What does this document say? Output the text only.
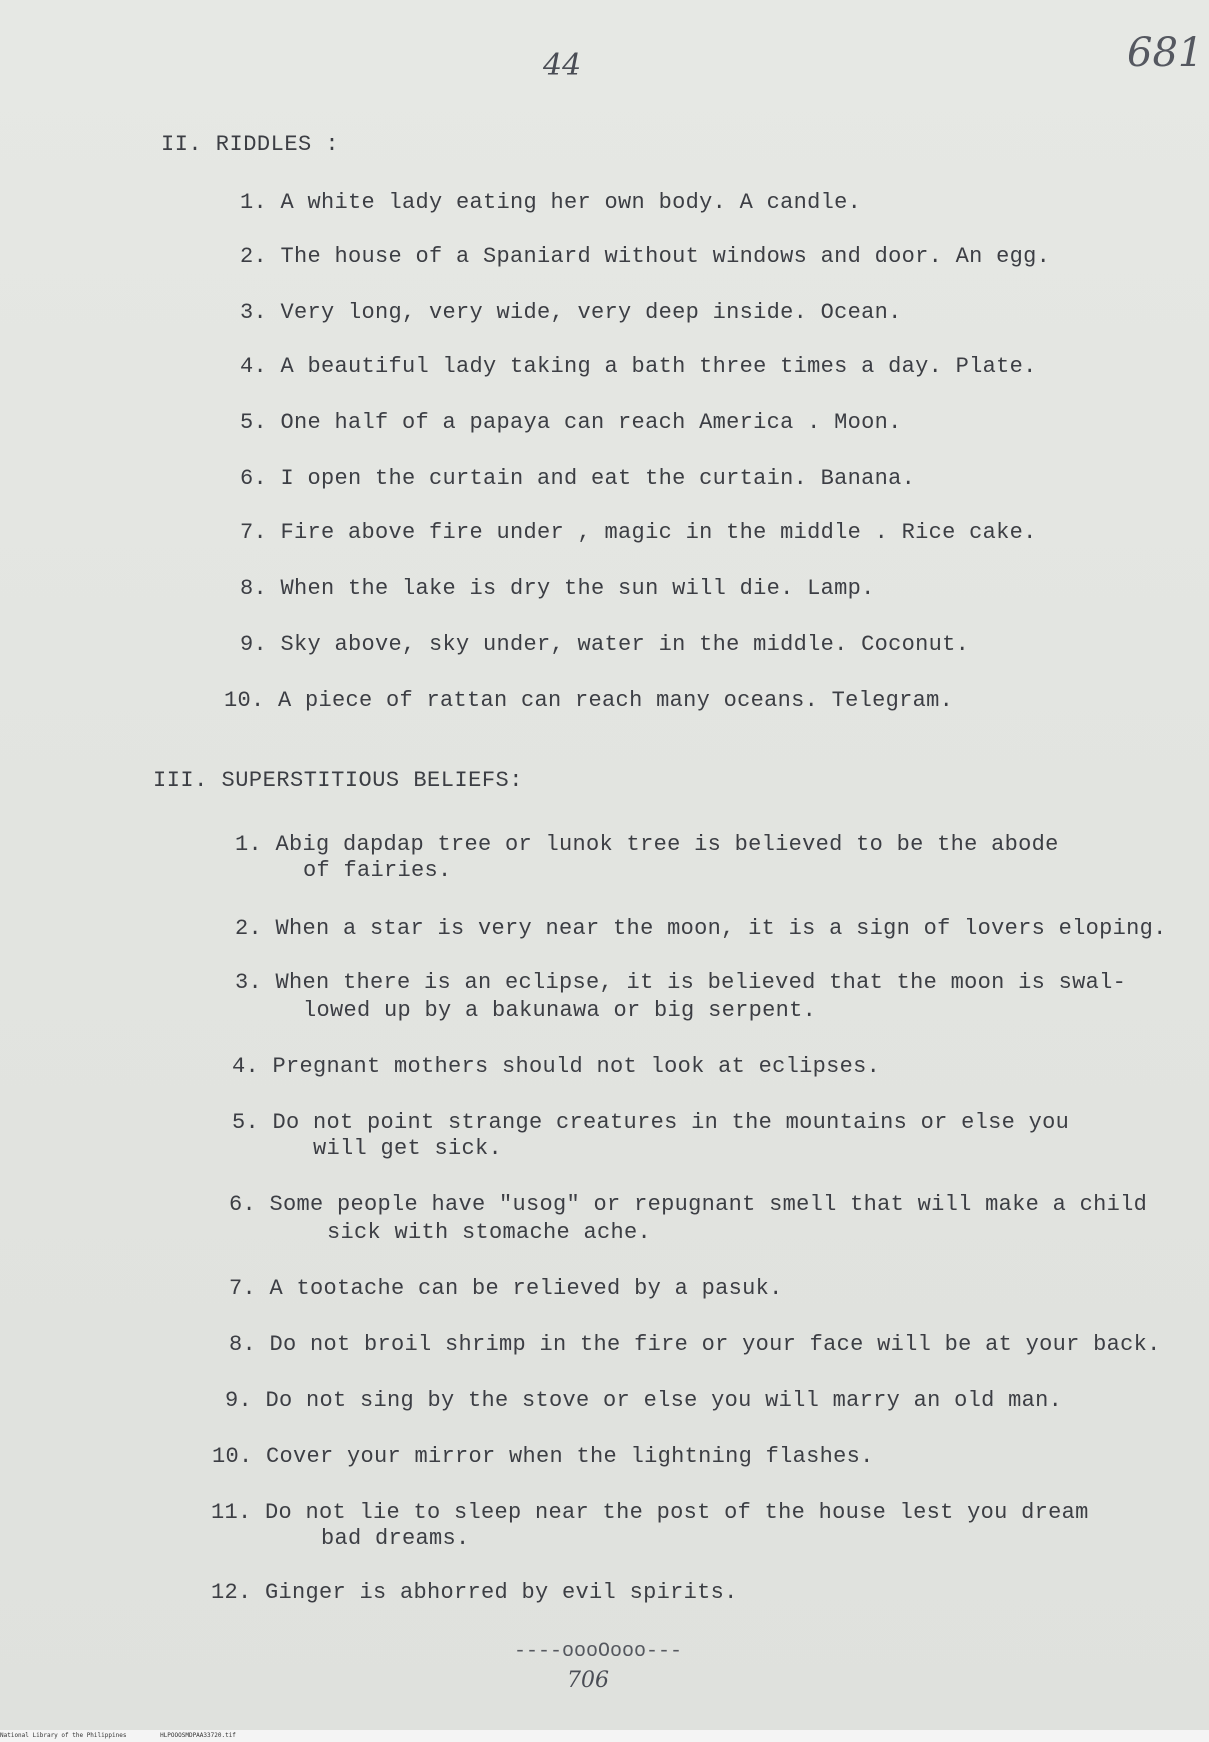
44	681
II. RIDDLES :
1. A white lady eating her own body. A candle.
2. The house of a Spaniard without windows and door. An egg.
3. Very long, very wide, very deep inside. Ocean.
4. A beautiful lady taking a bath three times a day. Plate.
5. One half of a papaya can reach America . Moon.
6. I open the curtain and eat the curtain. Banana.
7. Fire above fire under , magic in the middle . Rice cake.
8. When the lake is dry the sun will die. Lamp.
9. Sky above, sky under, water in the middle. Coconut.
10. A piece of rattan can reach many oceans. Telegram.
III. SUPERSTITIOUS BELIEFS:
1. Abig dapdap tree or lunok tree is believed to be the abode
of fairies.
2. When a star is very near the moon, it is a sign of lovers eloping.
3. When there is an eclipse, it is believed that the moon is swal-
lowed up by a bakunawa or big serpent.
4. Pregnant mothers should not look at eclipses.
5. Do not point strange creatures in the mountains or else you
will get sick.
6. Some people have "usog" or repugnant smell that will make a child
sick with stomache ache.
7. A tootache can be relieved by a pasuk.
8. Do not broil shrimp in the fire or your face will be at your back.
9. Do not sing by the stove or else you will marry an old man.
10. Cover your mirror when the lightning flashes.
11. Do not lie to sleep near the post of the house lest you dream
bad dreams.
12. Ginger is abhorred by evil spirits.
----oooOooo---
706
National Library of the Philippines	HLPOOOSMDPAA33720.tif
